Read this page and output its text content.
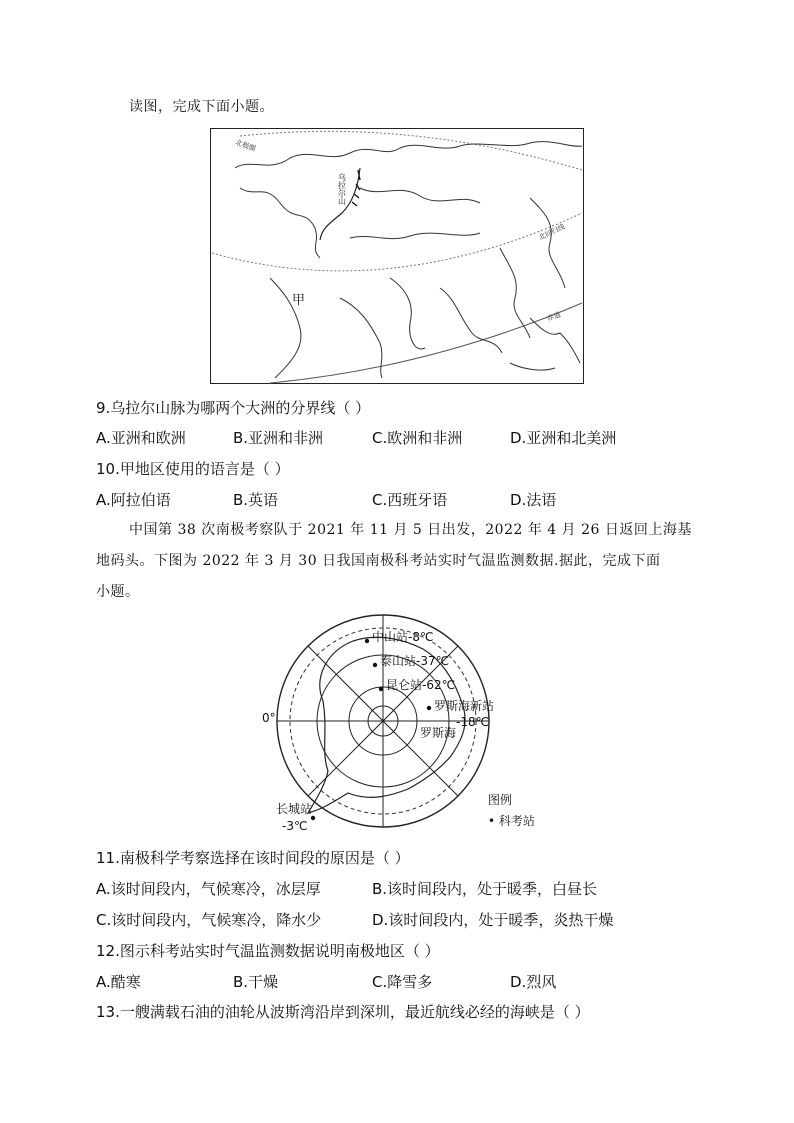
读图，完成下面小题。
北极圈
乌拉尔山
北回归线
赤道
甲
9.乌拉尔山脉为哪两个大洲的分界线（ ）
A.亚洲和欧洲	B.亚洲和非洲	C.欧洲和非洲	D.亚洲和北美洲
10.甲地区使用的语言是（ ）
A.阿拉伯语	B.英语	C.西班牙语	D.法语
中国第 38 次南极考察队于 2021 年 11 月 5 日出发，2022 年 4 月 26 日返回上海基
地码头。下图为 2022 年 3 月 30 日我国南极科考站实时气温监测数据.据此，完成下面
小题。
0°
中山站-8℃
泰山站-37℃
昆仑站-62℃
罗斯海新站
-18℃
罗斯海
长城站
-3℃
图例
• 科考站
11.南极科学考察选择在该时间段的原因是（ ）
A.该时间段内，气候寒冷，冰层厚	B.该时间段内，处于暖季，白昼长
C.该时间段内，气候寒冷，降水少	D.该时间段内，处于暖季，炎热干燥
12.图示科考站实时气温监测数据说明南极地区（ ）
A.酷寒	B.干燥	C.降雪多	D.烈风
13.一艘满载石油的油轮从波斯湾沿岸到深圳，最近航线必经的海峡是（ ）
